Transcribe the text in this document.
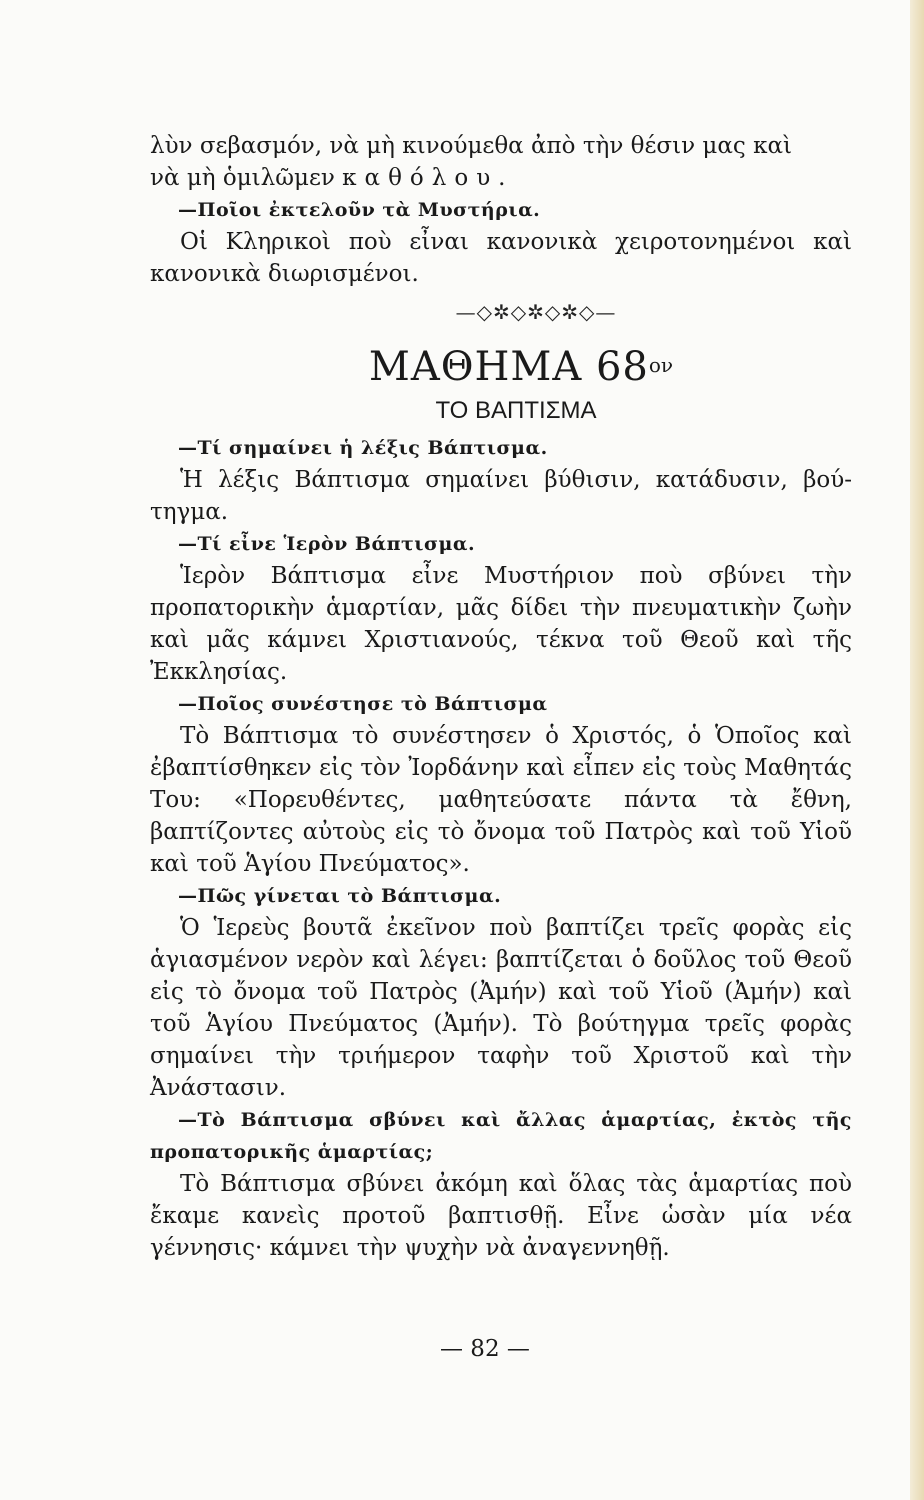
λὺν σεβασμόν, νὰ μὴ κινούμεθα ἀπὸ τὴν θέσιν μας καὶ

νὰ μὴ ὁμιλῶμεν καθόλου.

—Ποῖοι ἐκτελοῦν τὰ Μυστήρια.

Οἱ Κληρικοὶ ποὺ εἶναι κανονικὰ χειροτονημένοι καὶ κανονικὰ διωρισμένοι.

—◇✲◇✲◇✲◇—
ΜΑΘΗΜΑ $68^{o\nu}$
ΤΟ ΒΑΠΤΙΣΜΑ

—Τί σημαίνει ἡ λέξις Βάπτισμα.

Ἡ λέξις Βάπτισμα σημαίνει βύθισιν, κατάδυσιν, βού-τηγμα.

—Τί εἶνε Ἱερὸν Βάπτισμα.

Ἱερὸν Βάπτισμα εἶνε Μυστήριον ποὺ σβύνει τὴν προπατορικὴν ἁμαρτίαν, μᾶς δίδει τὴν πνευματικὴν ζωὴν καὶ μᾶς κάμνει Χριστιανούς, τέκνα τοῦ Θεοῦ καὶ τῆς Ἐκκλησίας.

—Ποῖος συνέστησε τὸ Βάπτισμα

Τὸ Βάπτισμα τὸ συνέστησεν ὁ Χριστός, ὁ Ὁποῖος καὶ ἐβαπτίσθηκεν εἰς τὸν Ἰορδάνην καὶ εἶπεν εἰς τοὺς Μαθητάς Του: «Πορευθέντες, μαθητεύσατε πάντα τὰ ἔθνη, βαπτίζοντες αὐτοὺς εἰς τὸ ὄνομα τοῦ Πατρὸς καὶ τοῦ Υἱοῦ καὶ τοῦ Ἁγίου Πνεύματος».

—Πῶς γίνεται τὸ Βάπτισμα.

Ὁ Ἱερεὺς βουτᾶ ἐκεῖνον ποὺ βαπτίζει τρεῖς φορὰς εἰς ἁγιασμένον νερὸν καὶ λέγει: βαπτίζεται ὁ δοῦλος τοῦ Θεοῦ εἰς τὸ ὄνομα τοῦ Πατρὸς (Ἀμήν) καὶ τοῦ Υἱοῦ (Ἀμήν) καὶ τοῦ Ἁγίου Πνεύματος (Ἀμήν). Τὸ βούτηγμα τρεῖς φορὰς σημαίνει τὴν τριήμερον ταφὴν τοῦ Χριστοῦ καὶ τὴν Ἀνάστασιν.

—Τὸ Βάπτισμα σβύνει καὶ ἄλλας ἁμαρτίας, ἐκτὸς τῆς προπατορικῆς ἁμαρτίας;

Τὸ Βάπτισμα σβύνει ἀκόμη καὶ ὅλας τὰς ἁμαρτίας ποὺ ἔκαμε κανεὶς προτοῦ βαπτισθῇ. Εἶνε ὡσὰν μία νέα γέννησις· κάμνει τὴν ψυχὴν νὰ ἀναγεννηθῇ.

— 82 —
